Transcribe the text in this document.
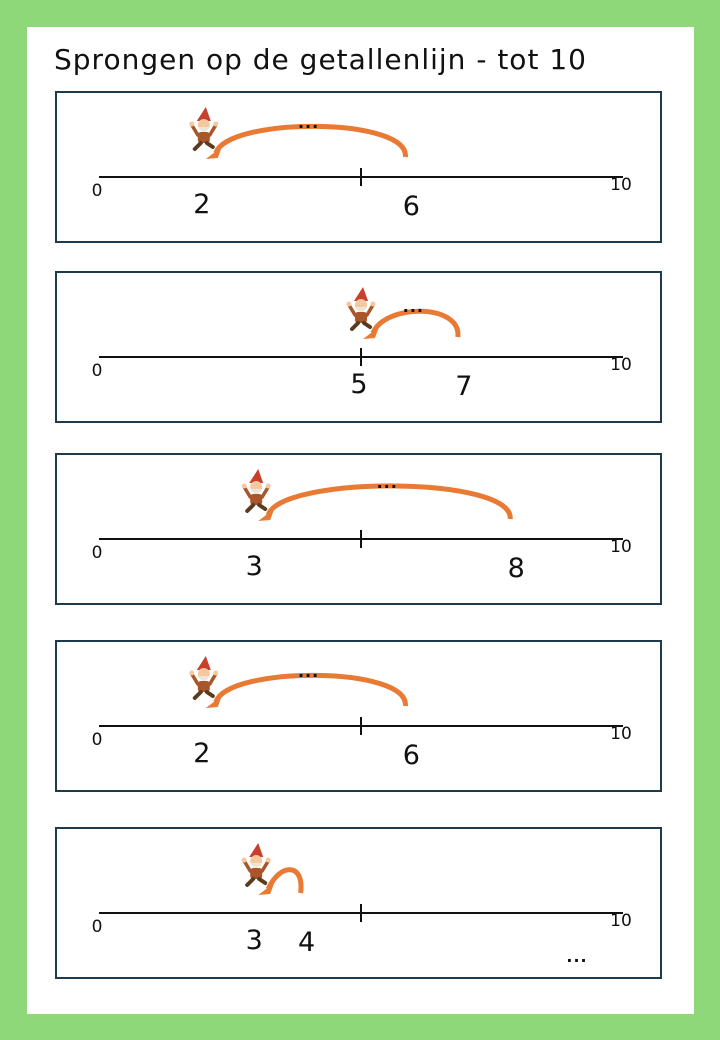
Sprongen op de getallenlijn - tot 10
0	10
2	6
...
0	10
5	7
...
0	10
3	8
...
0	10
2	6
...
0	10
3 4	...
